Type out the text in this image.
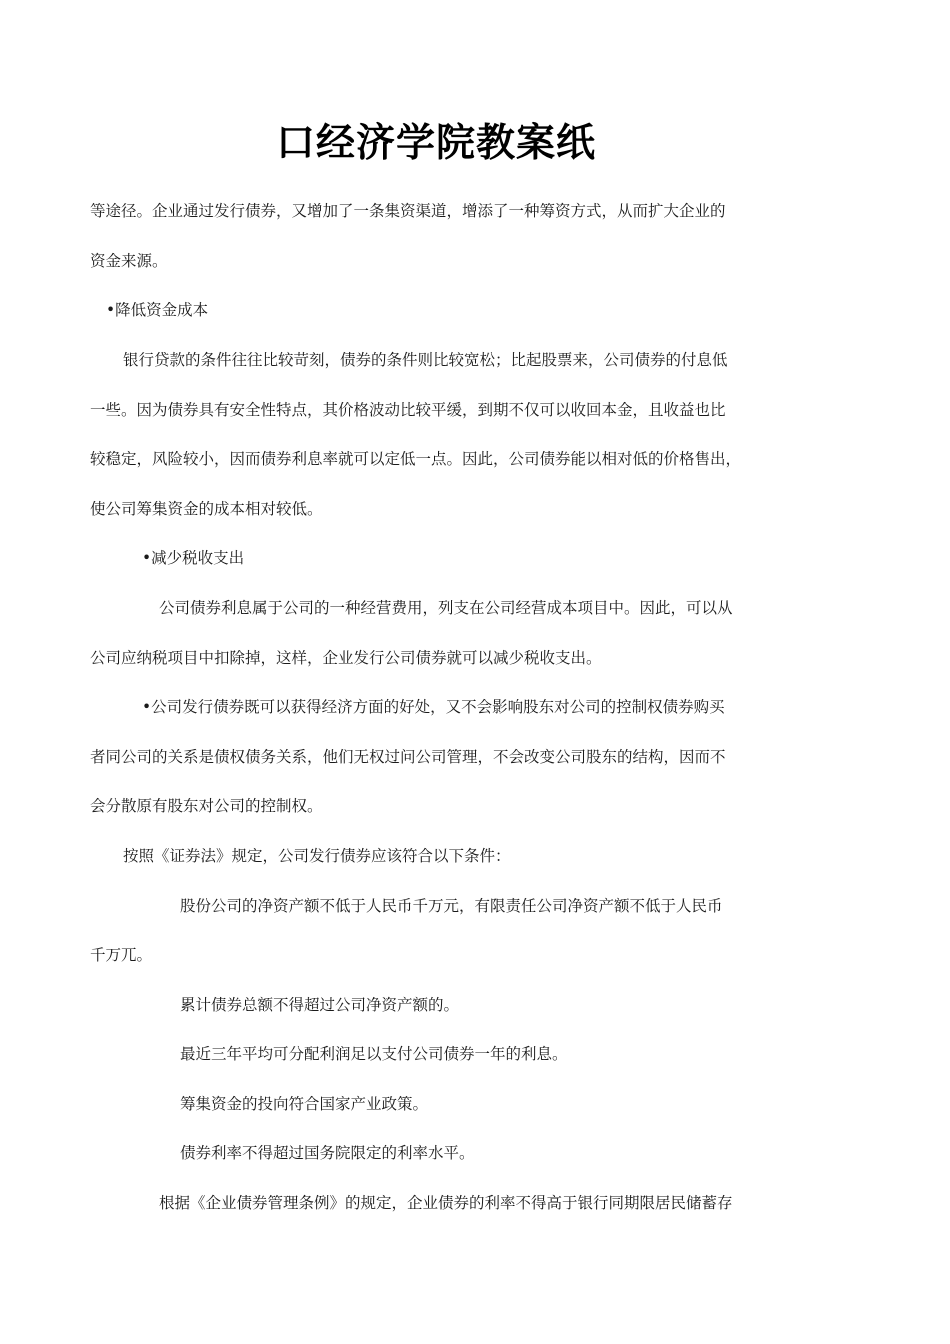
口经济学院教案纸
等途径。企业通过发行债券，又增加了一条集资渠道，增添了一种筹资方式，从而扩大企业的
资金来源。
•降低资金成本
银行贷款的条件往往比较苛刻，债券的条件则比较宽松；比起股票来，公司债券的付息低
一些。因为债券具有安全性特点，其价格波动比较平缓，到期不仅可以收回本金，且收益也比
较稳定，风险较小，因而债券利息率就可以定低一点。因此，公司债券能以相对低的价格售出，
使公司筹集资金的成本相对较低。
•减少税收支出
公司债券利息属于公司的一种经营费用，列支在公司经营成本项目中。因此，可以从
公司应纳税项目中扣除掉，这样，企业发行公司债券就可以减少税收支出。
•公司发行债券既可以获得经济方面的好处，又不会影响股东对公司的控制权债券购买
者同公司的关系是债权债务关系，他们无权过问公司管理，不会改变公司股东的结构，因而不
会分散原有股东对公司的控制权。
按照《证券法》规定，公司发行债券应该符合以下条件：
股份公司的净资产额不低于人民币千万元，有限责任公司净资产额不低于人民币
千万兀。
累计债券总额不得超过公司净资产额的。
最近三年平均可分配利润足以支付公司债券一年的利息。
筹集资金的投向符合国家产业政策。
债券利率不得超过国务院限定的利率水平。
根据《企业债券管理条例》的规定，企业债券的利率不得高于银行同期限居民储蓄存
